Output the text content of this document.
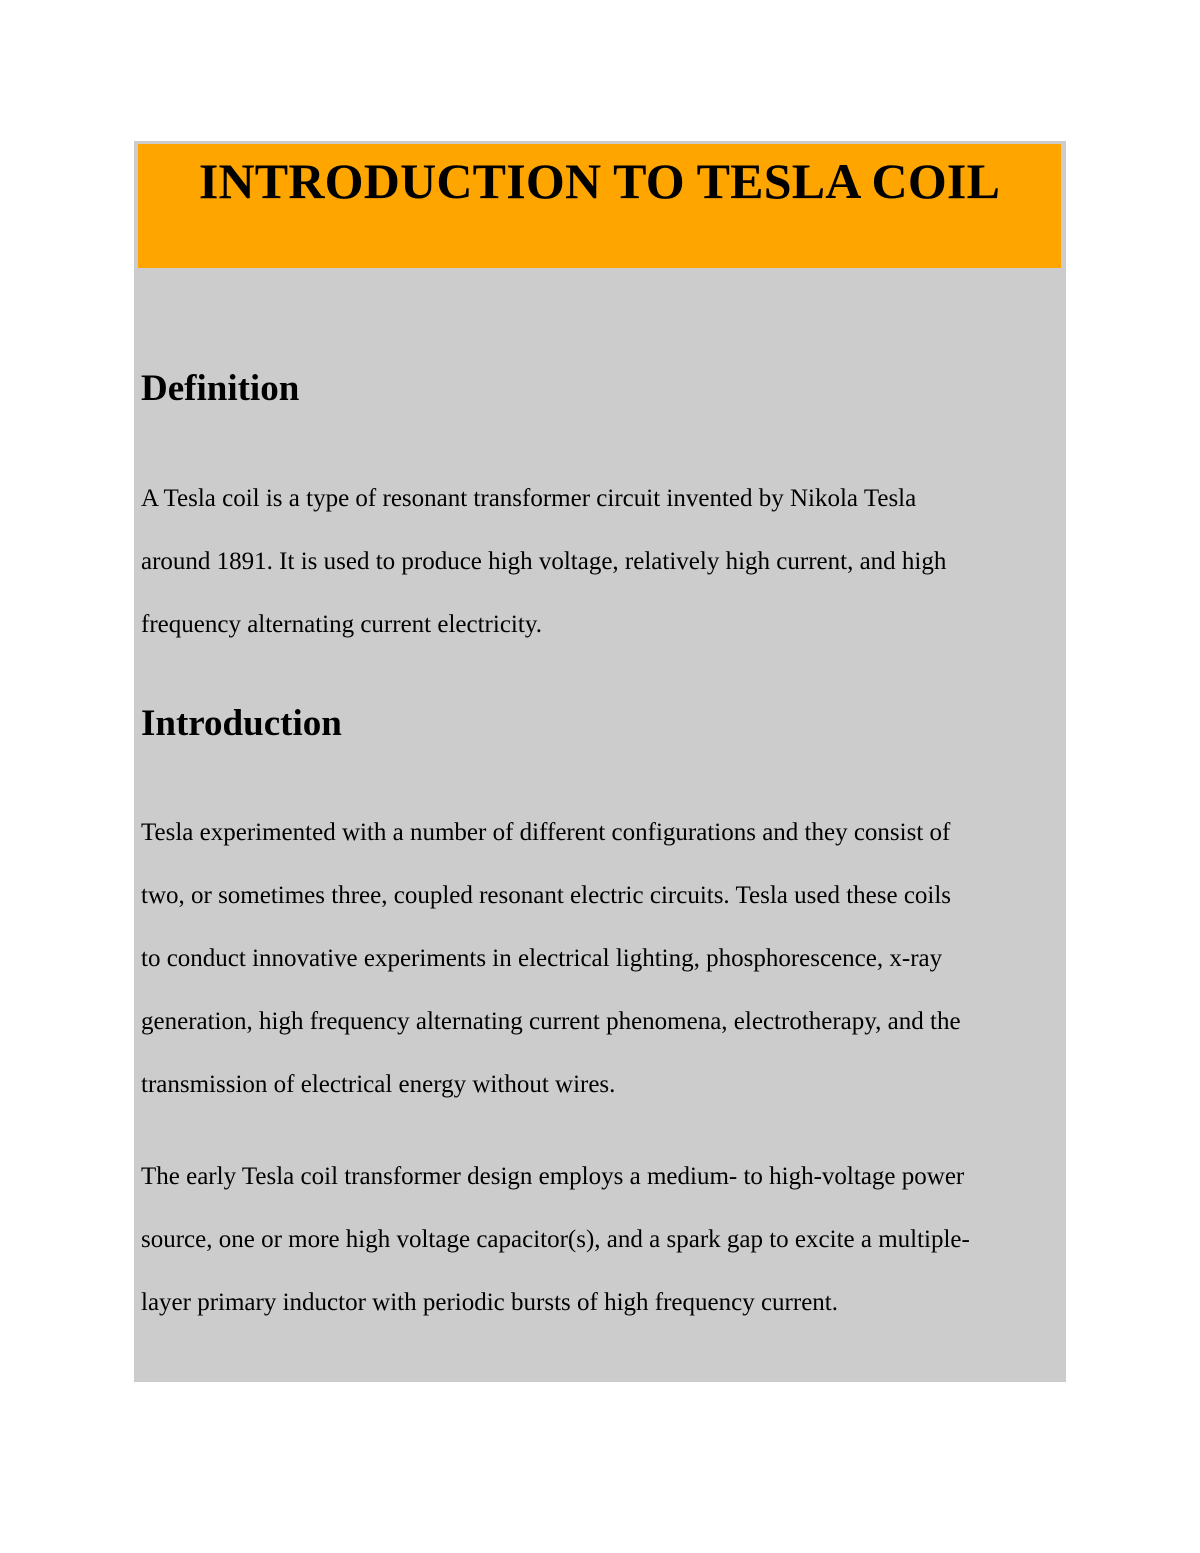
INTRODUCTION TO TESLA COIL
Definition

A Tesla coil is a type of resonant transformer circuit invented by Nikola Tesla
around 1891. It is used to produce high voltage, relatively high current, and high
frequency alternating current electricity.

Introduction

Tesla experimented with a number of different configurations and they consist of
two, or sometimes three, coupled resonant electric circuits. Tesla used these coils
to conduct innovative experiments in electrical lighting, phosphorescence, x-ray
generation, high frequency alternating current phenomena, electrotherapy, and the
transmission of electrical energy without wires.

The early Tesla coil transformer design employs a medium- to high-voltage power
source, one or more high voltage capacitor(s), and a spark gap to excite a multiple-
layer primary inductor with periodic bursts of high frequency current.
